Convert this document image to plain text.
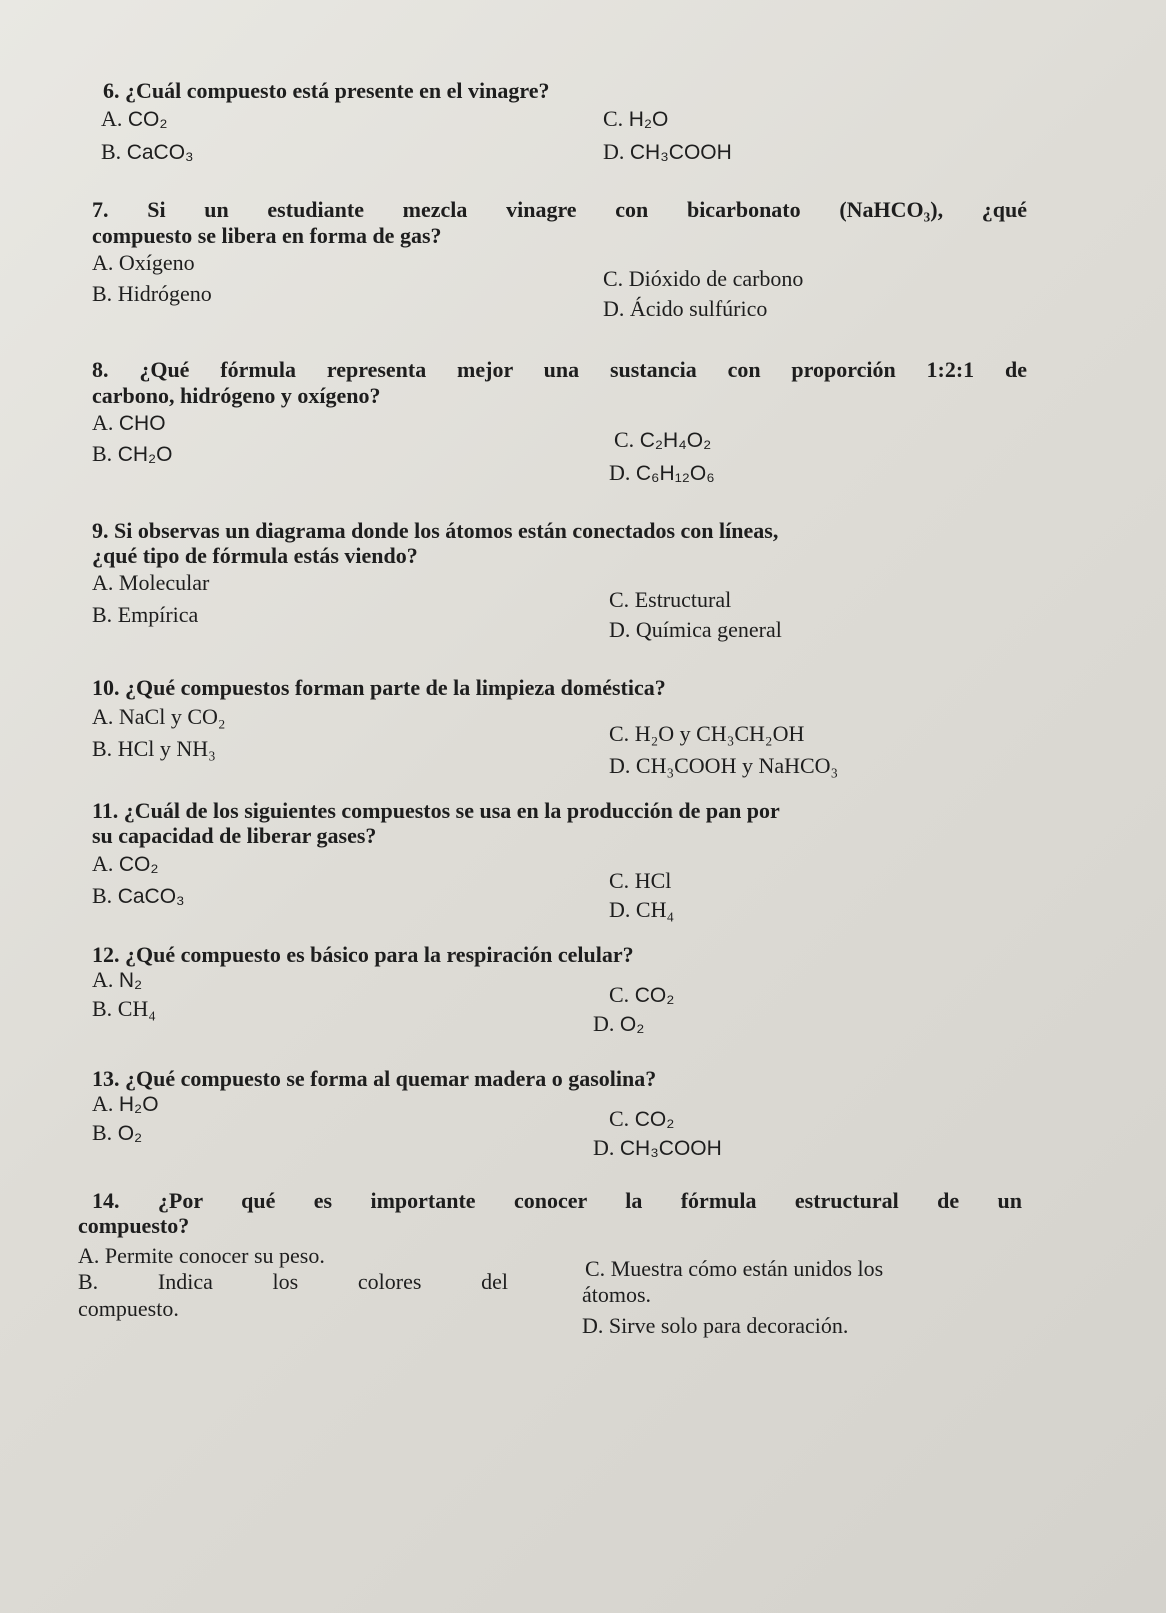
6. ¿Cuál compuesto está presente en el vinagre?
A. CO₂
B. CaCO₃
C. H₂O
D. CH₃COOH
7. Si un estudiante mezcla vinagre con bicarbonato (NaHCO₃), ¿qué
compuesto se libera en forma de gas?
A. Oxígeno
B. Hidrógeno
C. Dióxido de carbono
D. Ácido sulfúrico
8. ¿Qué fórmula representa mejor una sustancia con proporción 1:2:1 de
carbono, hidrógeno y oxígeno?
A. CHO
B. CH₂O
C. C₂H₄O₂
D. C₆H₁₂O₆
9. Si observas un diagrama donde los átomos están conectados con líneas,
¿qué tipo de fórmula estás viendo?
A. Molecular
B. Empírica
C. Estructural
D. Química general
10. ¿Qué compuestos forman parte de la limpieza doméstica?
A. NaCl y CO₂
B. HCl y NH₃
C. H₂O y CH₃CH₂OH
D. CH₃COOH y NaHCO₃
11. ¿Cuál de los siguientes compuestos se usa en la producción de pan por
su capacidad de liberar gases?
A. CO₂
B. CaCO₃
C. HCl
D. CH₄
12. ¿Qué compuesto es básico para la respiración celular?
A. N₂
B. CH₄
C. CO₂
D. O₂
13. ¿Qué compuesto se forma al quemar madera o gasolina?
A. H₂O
B. O₂
C. CO₂
D. CH₃COOH
14. ¿Por qué es importante conocer la fórmula estructural de un
compuesto?
A. Permite conocer su peso.
B.	Indica los colores del
compuesto.
C. Muestra cómo están unidos los
átomos.
D. Sirve solo para decoración.
